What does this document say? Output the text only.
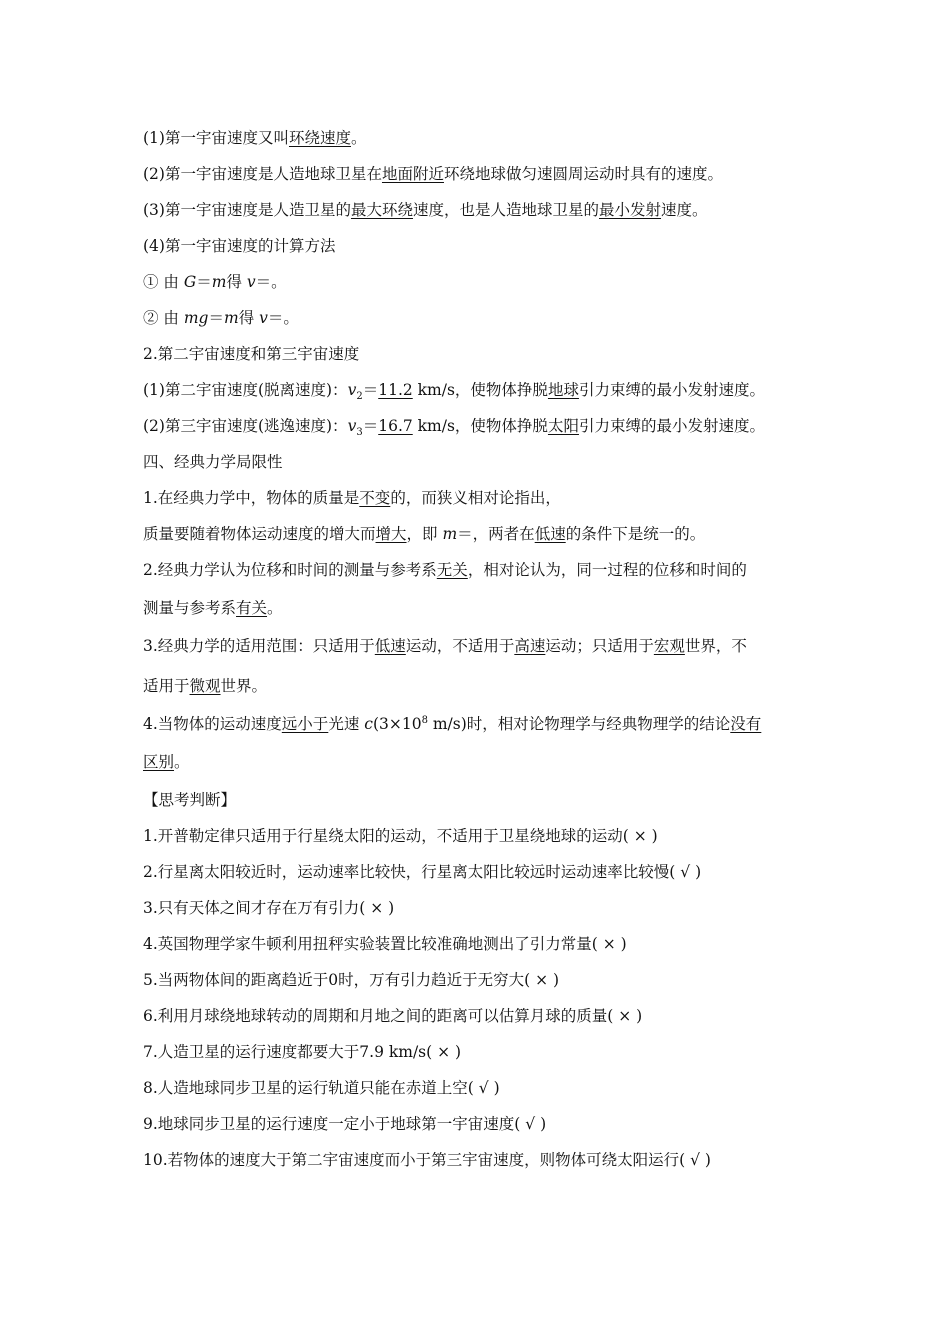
(1)第一宇宙速度又叫环绕速度。
(2)第一宇宙速度是人造地球卫星在地面附近环绕地球做匀速圆周运动时具有的速度。
(3)第一宇宙速度是人造卫星的最大环绕速度，也是人造地球卫星的最小发射速度。
(4)第一宇宙速度的计算方法
① 由 G＝m得 v＝。
② 由 mg＝m得 v＝。
2.第二宇宙速度和第三宇宙速度
(1)第二宇宙速度(脱离速度)：$v_2=11.2$ km/s，使物体挣脱地球引力束缚的最小发射速度。
(2)第三宇宙速度(逃逸速度)：$v_3=16.7$ km/s，使物体挣脱太阳引力束缚的最小发射速度。
四、经典力学局限性
1.在经典力学中，物体的质量是不变的，而狭义相对论指出，
质量要随着物体运动速度的增大而增大，即 m＝，两者在低速的条件下是统一的。
2.经典力学认为位移和时间的测量与参考系无关，相对论认为，同一过程的位移和时间的
测量与参考系有关。
3.经典力学的适用范围：只适用于低速运动，不适用于高速运动；只适用于宏观世界，不
适用于微观世界。
4.当物体的运动速度远小于光速 $c(3\times 10^8$ m/s)时，相对论物理学与经典物理学的结论没有
区别。
【思考判断】
1.开普勒定律只适用于行星绕太阳的运动，不适用于卫星绕地球的运动( × )
2.行星离太阳较近时，运动速率比较快，行星离太阳比较远时运动速率比较慢( √ )
3.只有天体之间才存在万有引力( × )
4.英国物理学家牛顿利用扭秤实验装置比较准确地测出了引力常量( × )
5.当两物体间的距离趋近于0时，万有引力趋近于无穷大( × )
6.利用月球绕地球转动的周期和月地之间的距离可以估算月球的质量( × )
7.人造卫星的运行速度都要大于7.9 km/s( × )
8.人造地球同步卫星的运行轨道只能在赤道上空( √ )
9.地球同步卫星的运行速度一定小于地球第一宇宙速度( √ )
10.若物体的速度大于第二宇宙速度而小于第三宇宙速度，则物体可绕太阳运行( √ )
